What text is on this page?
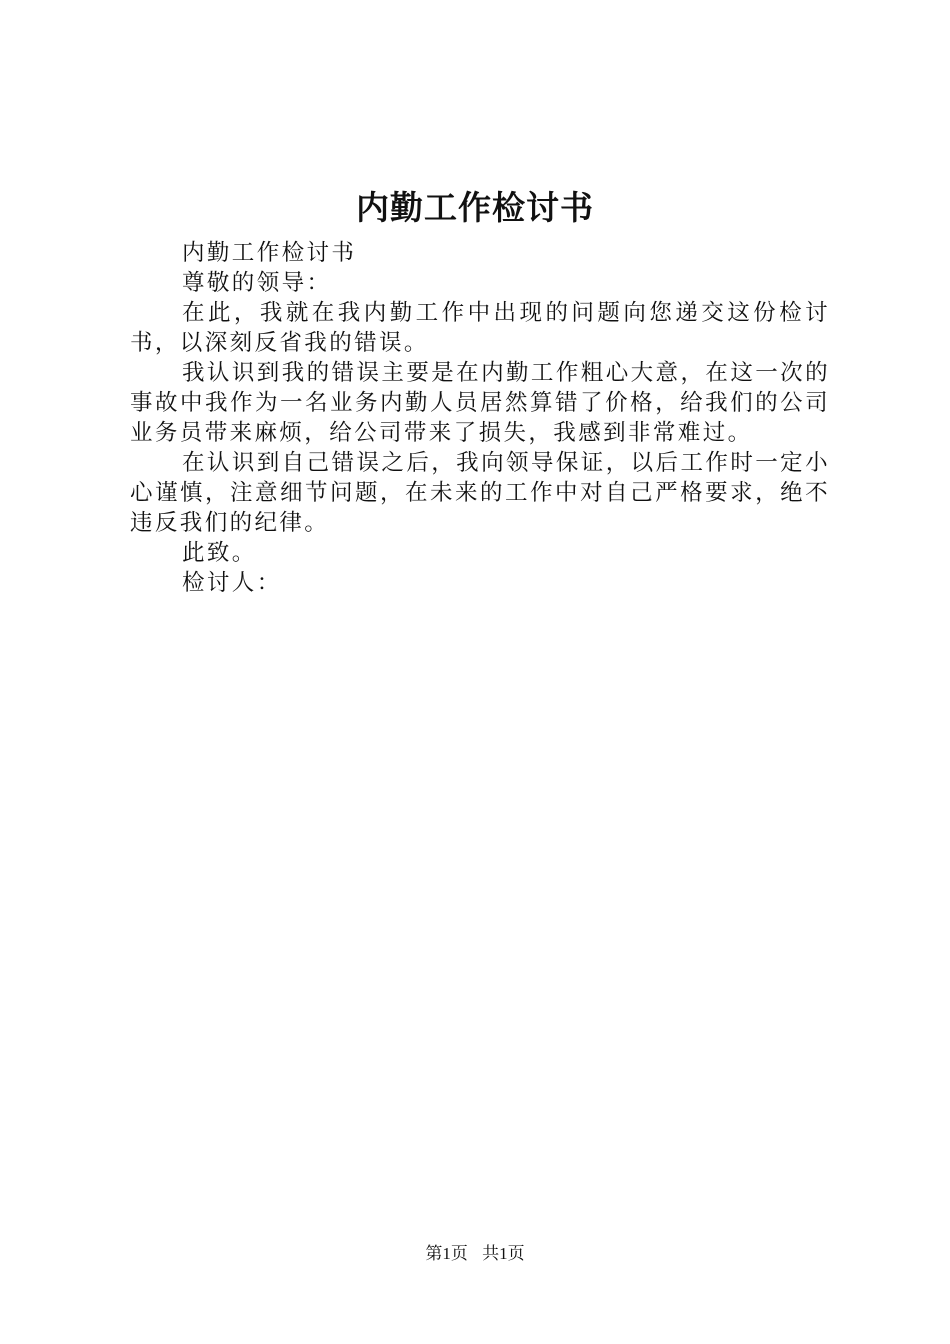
内勤工作检讨书

内勤工作检讨书

尊敬的领导：

在此，我就在我内勤工作中出现的问题向您递交这份检讨书，以深刻反省我的错误。

我认识到我的错误主要是在内勤工作粗心大意，在这一次的事故中我作为一名业务内勤人员居然算错了价格，给我们的公司业务员带来麻烦，给公司带来了损失，我感到非常难过。

在认识到自己错误之后，我向领导保证，以后工作时一定小心谨慎，注意细节问题，在未来的工作中对自己严格要求，绝不违反我们的纪律。

此致。

检讨人：

第1页 共1页
